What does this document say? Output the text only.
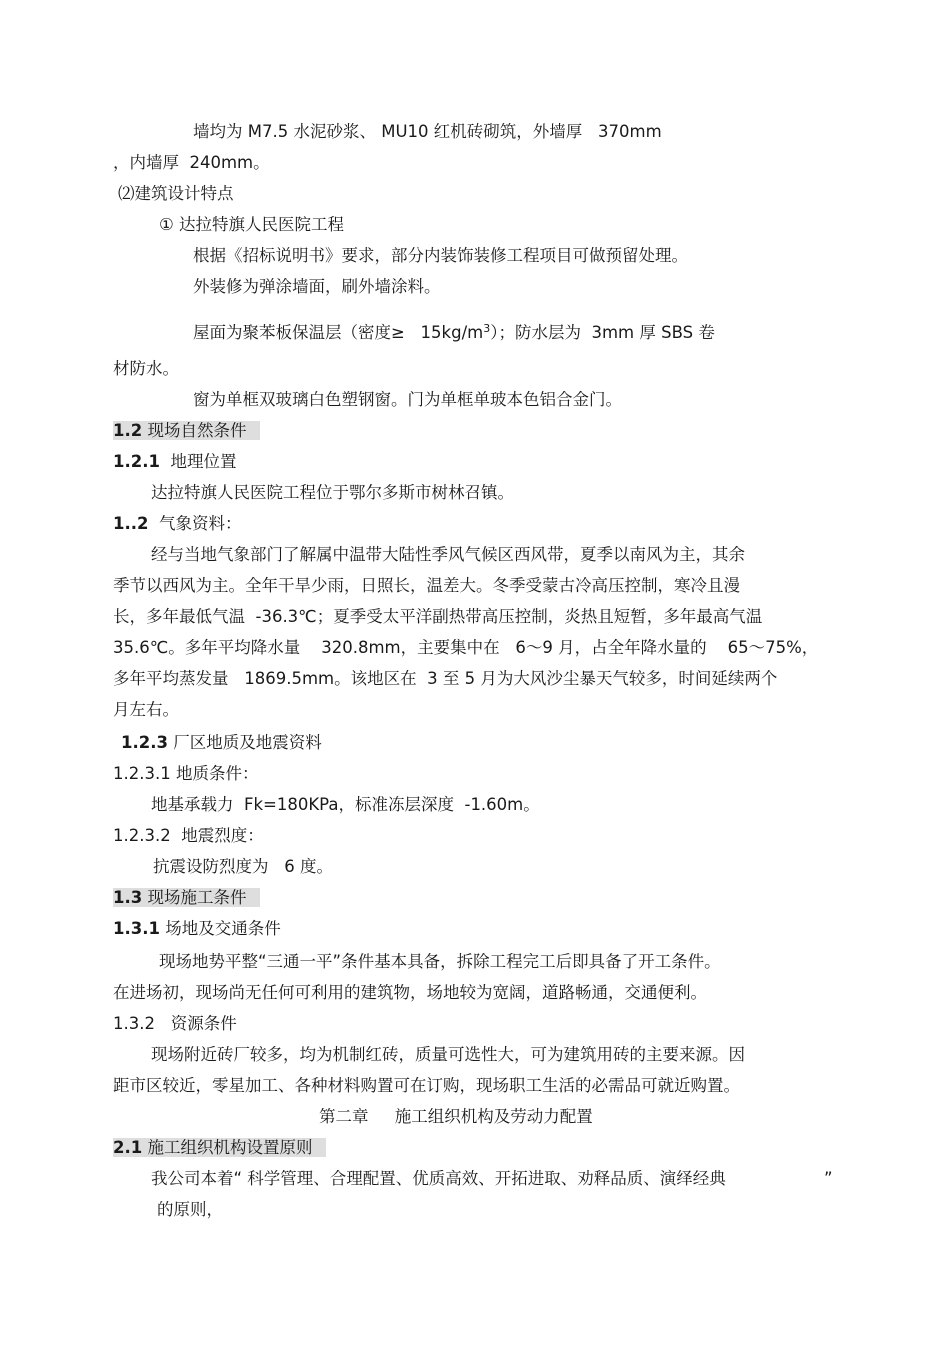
墙均为 M7.5 水泥砂浆、 MU10 红机砖砌筑，外墙厚   370mm
，内墙厚  240mm。
⑵建筑设计特点
① 达拉特旗人民医院工程
根据《招标说明书》要求，部分内装饰装修工程项目可做预留处理。
外装修为弹涂墙面，刷外墙涂料。
屋面为聚苯板保温层（密度≥   $15kg/m^3$）；防水层为  3mm 厚 SBS 卷
材防水。
窗为单框双玻璃白色塑钢窗。门为单框单玻本色铝合金门。
1.2 现场自然条件
1.2.1  地理位置
达拉特旗人民医院工程位于鄂尔多斯市树林召镇。
1..2  气象资料：
经与当地气象部门了解属中温带大陆性季风气候区西风带，夏季以南风为主，其余
季节以西风为主。全年干旱少雨，日照长，温差大。冬季受蒙古冷高压控制，寒冷且漫
长，多年最低气温  -36.3℃；夏季受太平洋副热带高压控制，炎热且短暂，多年最高气温
35.6℃。多年平均降水量    320.8mm，主要集中在   6～9 月，占全年降水量的    65～75%，
多年平均蒸发量   1869.5mm。该地区在  3 至 5 月为大风沙尘暴天气较多，时间延续两个
月左右。
1.2.3 厂区地质及地震资料
1.2.3.1 地质条件：
地基承载力  Fk=180KPa，标准冻层深度  -1.60m。
1.2.3.2  地震烈度：
抗震设防烈度为   6 度。
1.3 现场施工条件
1.3.1 场地及交通条件
现场地势平整“三通一平”条件基本具备，拆除工程完工后即具备了开工条件。
在进场初，现场尚无任何可利用的建筑物，场地较为宽阔，道路畅通，交通便利。
1.3.2   资源条件
现场附近砖厂较多，均为机制红砖，质量可选性大，可为建筑用砖的主要来源。因
距市区较近，零星加工、各种材料购置可在订购，现场职工生活的必需品可就近购置。
第二章     施工组织机构及劳动力配置
2.1 施工组织机构设置原则
我公司本着“ 科学管理、合理配置、优质高效、开拓进取、劝释品质、演绎经典	”
的原则，
